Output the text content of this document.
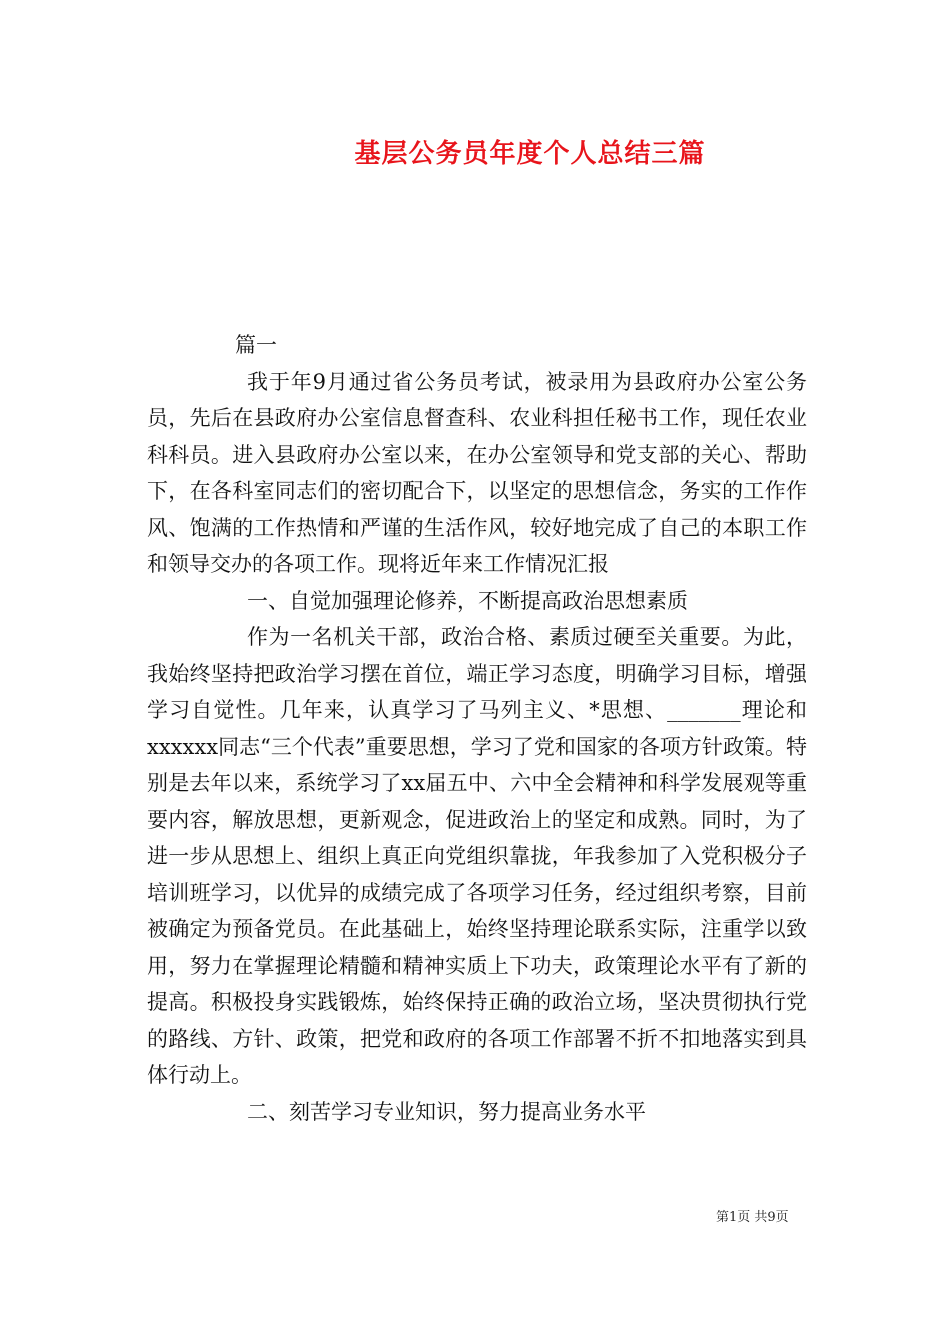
基层公务员年度个人总结三篇

篇一

我于年9月通过省公务员考试，被录用为县政府办公室公务员，先后在县政府办公室信息督查科、农业科担任秘书工作，现任农业科科员。进入县政府办公室以来，在办公室领导和党支部的关心、帮助下，在各科室同志们的密切配合下，以坚定的思想信念，务实的工作作风、饱满的工作热情和严谨的生活作风，较好地完成了自己的本职工作和领导交办的各项工作。现将近年来工作情况汇报

一、自觉加强理论修养，不断提高政治思想素质

作为一名机关干部，政治合格、素质过硬至关重要。为此，我始终坚持把政治学习摆在首位，端正学习态度，明确学习目标，增强学习自觉性。几年来，认真学习了马列主义、*思想、_______理论和xxxxxx同志“三个代表”重要思想，学习了党和国家的各项方针政策。特别是去年以来，系统学习了xx届五中、六中全会精神和科学发展观等重要内容，解放思想，更新观念，促进政治上的坚定和成熟。同时，为了进一步从思想上、组织上真正向党组织靠拢，年我参加了入党积极分子培训班学习，以优异的成绩完成了各项学习任务，经过组织考察，目前被确定为预备党员。在此基础上，始终坚持理论联系实际，注重学以致用，努力在掌握理论精髓和精神实质上下功夫，政策理论水平有了新的提高。积极投身实践锻炼，始终保持正确的政治立场，坚决贯彻执行党的路线、方针、政策，把党和政府的各项工作部署不折不扣地落实到具体行动上。

二、刻苦学习专业知识，努力提高业务水平

第1页 共9页
